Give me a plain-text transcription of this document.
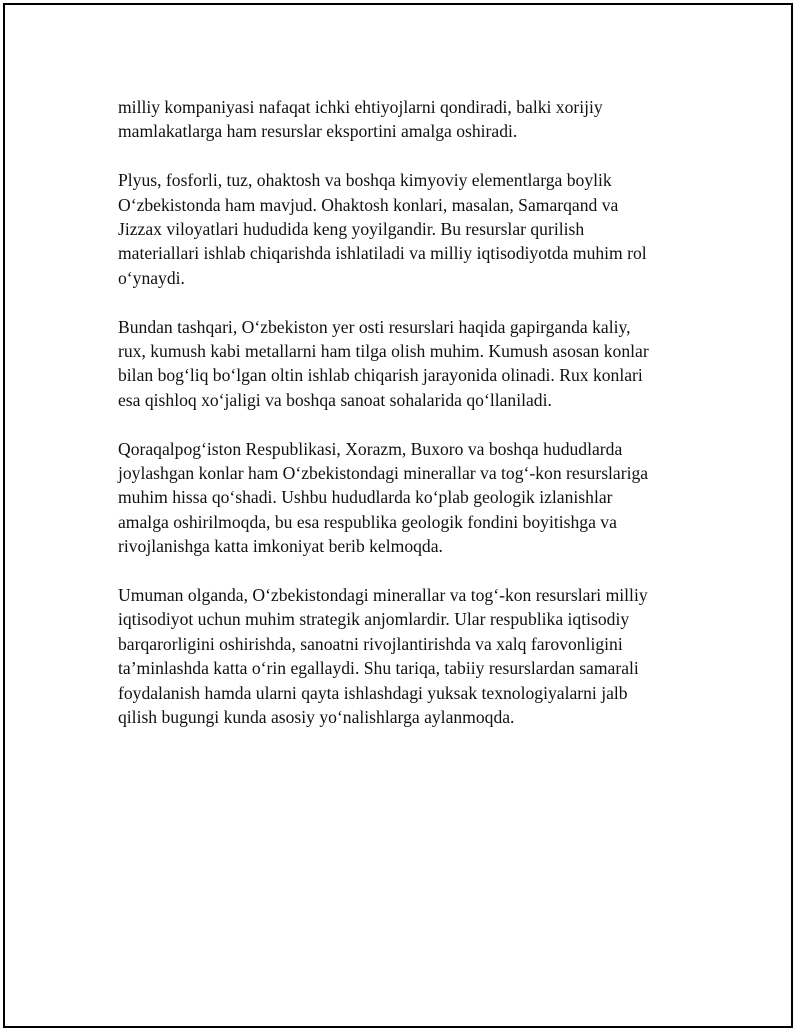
milliy kompaniyasi nafaqat ichki ehtiyojlarni qondiradi, balki xorijiy
mamlakatlarga ham resurslar eksportini amalga oshiradi.

Plyus, fosforli, tuz, ohaktosh va boshqa kimyoviy elementlarga boylik
O‘zbekistonda ham mavjud. Ohaktosh konlari, masalan, Samarqand va
Jizzax viloyatlari hududida keng yoyilgandir. Bu resurslar qurilish
materiallari ishlab chiqarishda ishlatiladi va milliy iqtisodiyotda muhim rol
o‘ynaydi.

Bundan tashqari, O‘zbekiston yer osti resurslari haqida gapirganda kaliy,
rux, kumush kabi metallarni ham tilga olish muhim. Kumush asosan konlar
bilan bog‘liq bo‘lgan oltin ishlab chiqarish jarayonida olinadi. Rux konlari
esa qishloq xo‘jaligi va boshqa sanoat sohalarida qo‘llaniladi.

Qoraqalpog‘iston Respublikasi, Xorazm, Buxoro va boshqa hududlarda
joylashgan konlar ham O‘zbekistondagi minerallar va tog‘-kon resurslariga
muhim hissa qo‘shadi. Ushbu hududlarda ko‘plab geologik izlanishlar
amalga oshirilmoqda, bu esa respublika geologik fondini boyitishga va
rivojlanishga katta imkoniyat berib kelmoqda.

Umuman olganda, O‘zbekistondagi minerallar va tog‘-kon resurslari milliy
iqtisodiyot uchun muhim strategik anjomlardir. Ular respublika iqtisodiy
barqarorligini oshirishda, sanoatni rivojlantirishda va xalq farovonligini
ta’minlashda katta o‘rin egallaydi. Shu tariqa, tabiiy resurslardan samarali
foydalanish hamda ularni qayta ishlashdagi yuksak texnologiyalarni jalb
qilish bugungi kunda asosiy yo‘nalishlarga aylanmoqda.
